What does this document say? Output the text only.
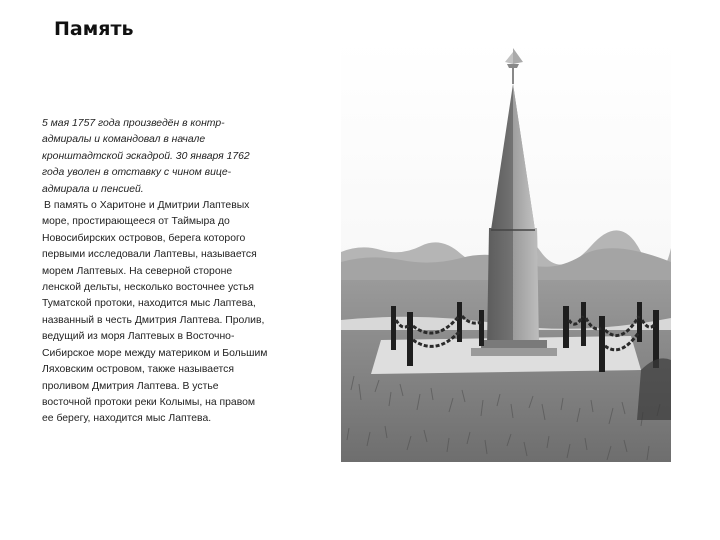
Память

5 мая 1757 года произведён в контр-адмиралы и командовал в начале кронштадтской эскадрой. 30 января 1762 года уволен в отставку с чином вице-адмирала и пенсией.

В память о Харитоне и Дмитрии Лаптевых море, простирающееся от Таймыра до Новосибирских островов, берега которого первыми исследовали Лаптевы, называется морем Лаптевых. На северной стороне ленской дельты, несколько восточнее устья Туматской протоки, находится мыс Лаптева, названный в честь Дмитрия Лаптева. Пролив, ведущий из моря Лаптевых в Восточно-Сибирское море между материком и Большим Ляховским островом, также называется проливом Дмитрия Лаптева. В устье восточной протоки реки Колымы, на правом ее берегу, находится мыс Лаптева.
